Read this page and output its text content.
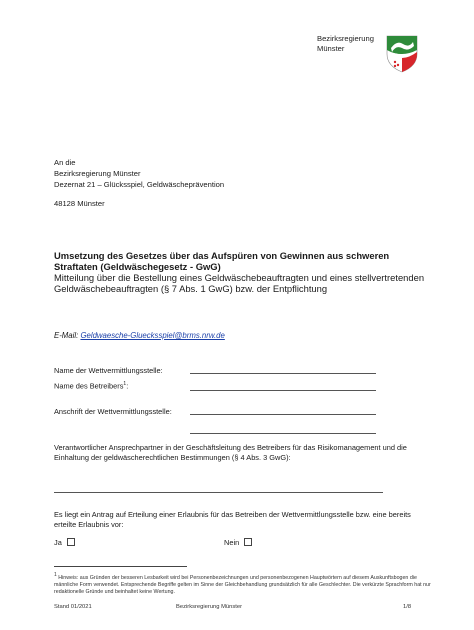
Bezirksregierung
Münster
An die
Bezirksregierung Münster
Dezernat 21 – Glücksspiel, Geldwäscheprävention
48128 Münster
Umsetzung des Gesetzes über das Aufspüren von Gewinnen aus schweren Straftaten (Geldwäschegesetz - GwG)
Mitteilung über die Bestellung eines Geldwäschebeauftragten und eines stellvertretenden Geldwäschebeauftragten (§ 7 Abs. 1 GwG) bzw. der Entpflichtung
E-Mail: Geldwaesche-Gluecksspiel@brms.nrw.de
Name der Wettvermittlungsstelle:
Name des Betreibers$^1$:
Anschrift der Wettvermittlungsstelle:
Verantwortlicher Ansprechpartner in der Geschäftsleitung des Betreibers für das Risikomanagement und die Einhaltung der geldwäscherechtlichen Bestimmungen (§ 4 Abs. 3 GwG):
Es liegt ein Antrag auf Erteilung einer Erlaubnis für das Betreiben der Wettvermittlungsstelle bzw. eine bereits erteilte Erlaubnis vor:
Ja	Nein
$^1$ Hinweis: aus Gründen der besseren Lesbarkeit wird bei Personenbezeichnungen und personenbezogenen Hauptwörtern auf diesem Auskunftsbogen die männliche Form verwendet. Entsprechende Begriffe gelten im Sinne der Gleichbehandlung grundsätzlich für alle Geschlechter. Die verkürzte Sprachform hat nur redaktionelle Gründe und beinhaltet keine Wertung.
Stand 01/2021	Bezirksregierung Münster	1/8
